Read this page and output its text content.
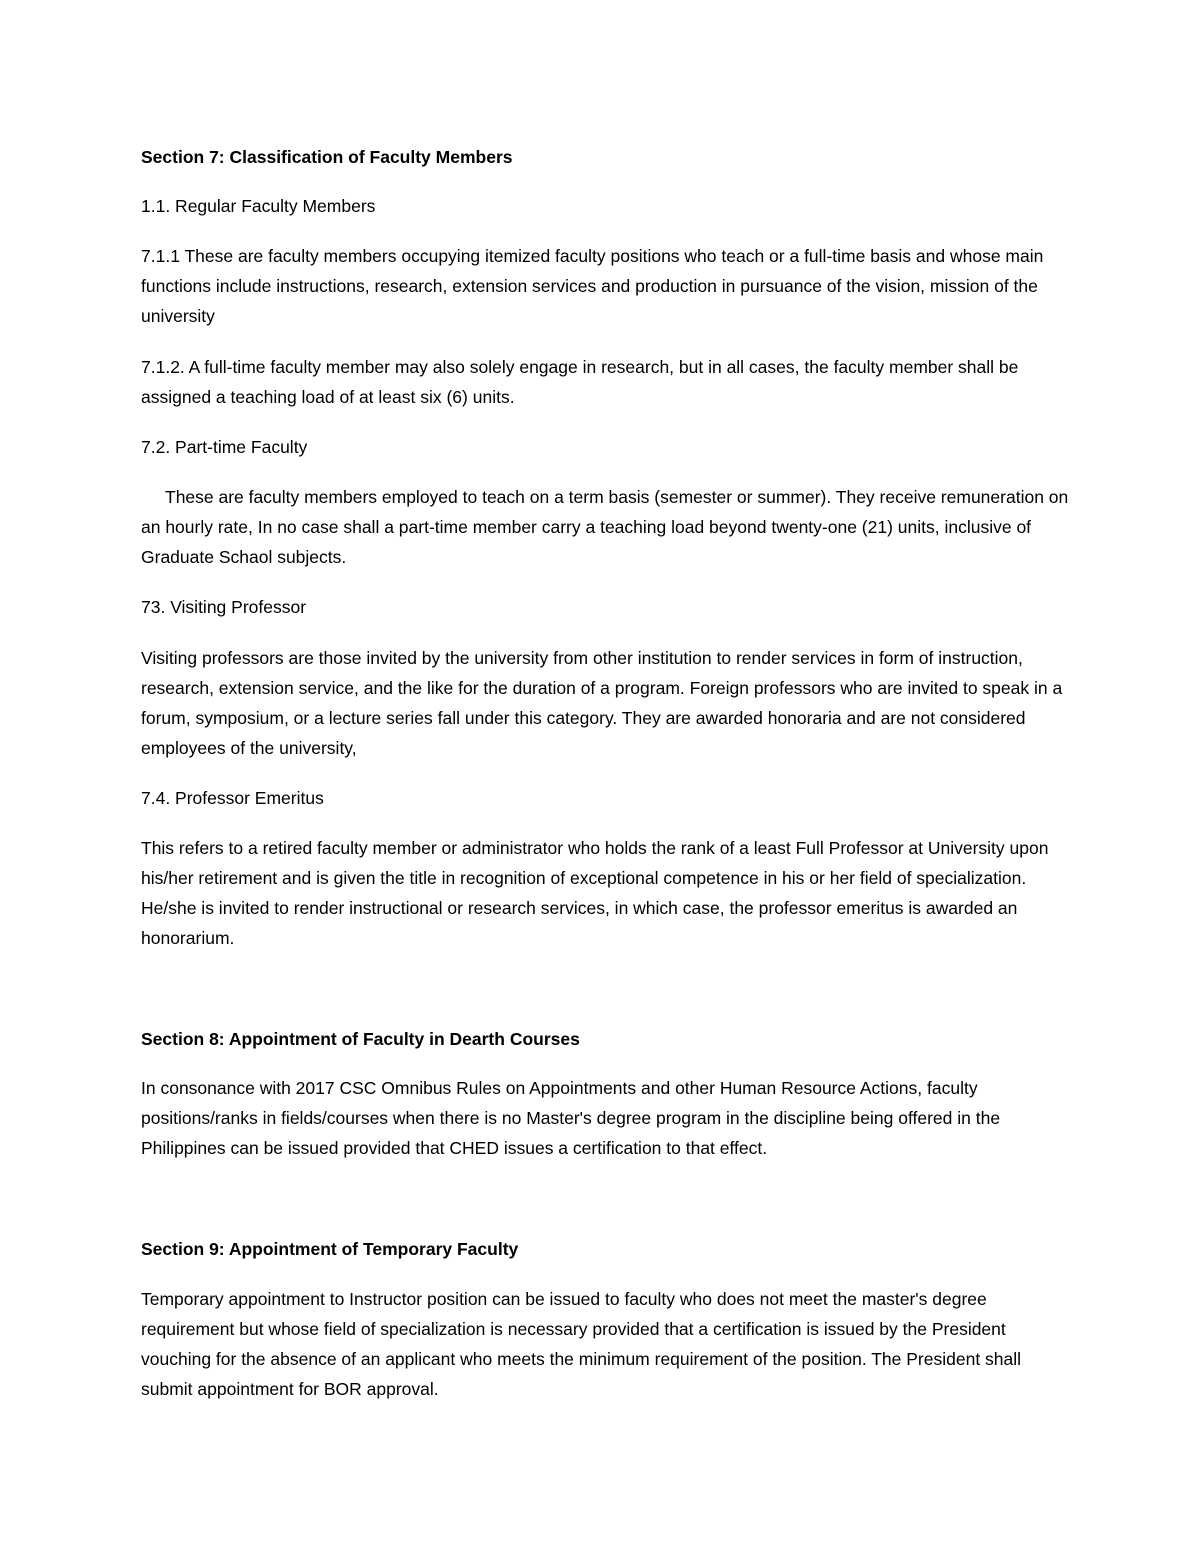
Section 7: Classification of Faculty Members

1.1. Regular Faculty Members

7.1.1 These are faculty members occupying itemized faculty positions who teach or a full-time basis and whose main functions include instructions, research, extension services and production in pursuance of the vision, mission of the university

7.1.2. A full-time faculty member may also solely engage in research, but in all cases, the faculty member shall be assigned a teaching load of at least six (6) units.

7.2. Part-time Faculty

These are faculty members employed to teach on a term basis (semester or summer). They receive remuneration on an hourly rate, In no case shall a part-time member carry a teaching load beyond twenty-one (21) units, inclusive of Graduate Schaol subjects.

73. Visiting Professor

Visiting professors are those invited by the university from other institution to render services in form of instruction, research, extension service, and the like for the duration of a program. Foreign professors who are invited to speak in a forum, symposium, or a lecture series fall under this category. They are awarded honoraria and are not considered employees of the university,

7.4. Professor Emeritus

This refers to a retired faculty member or administrator who holds the rank of a least Full Professor at University upon his/her retirement and is given the title in recognition of exceptional competence in his or her field of specialization. He/she is invited to render instructional or research services, in which case, the professor emeritus is awarded an honorarium.

Section 8: Appointment of Faculty in Dearth Courses

In consonance with 2017 CSC Omnibus Rules on Appointments and other Human Resource Actions, faculty positions/ranks in fields/courses when there is no Master's degree program in the discipline being offered in the Philippines can be issued provided that CHED issues a certification to that effect.

Section 9: Appointment of Temporary Faculty

Temporary appointment to Instructor position can be issued to faculty who does not meet the master's degree requirement but whose field of specialization is necessary provided that a certification is issued by the President vouching for the absence of an applicant who meets the minimum requirement of the position. The President shall submit appointment for BOR approval.
